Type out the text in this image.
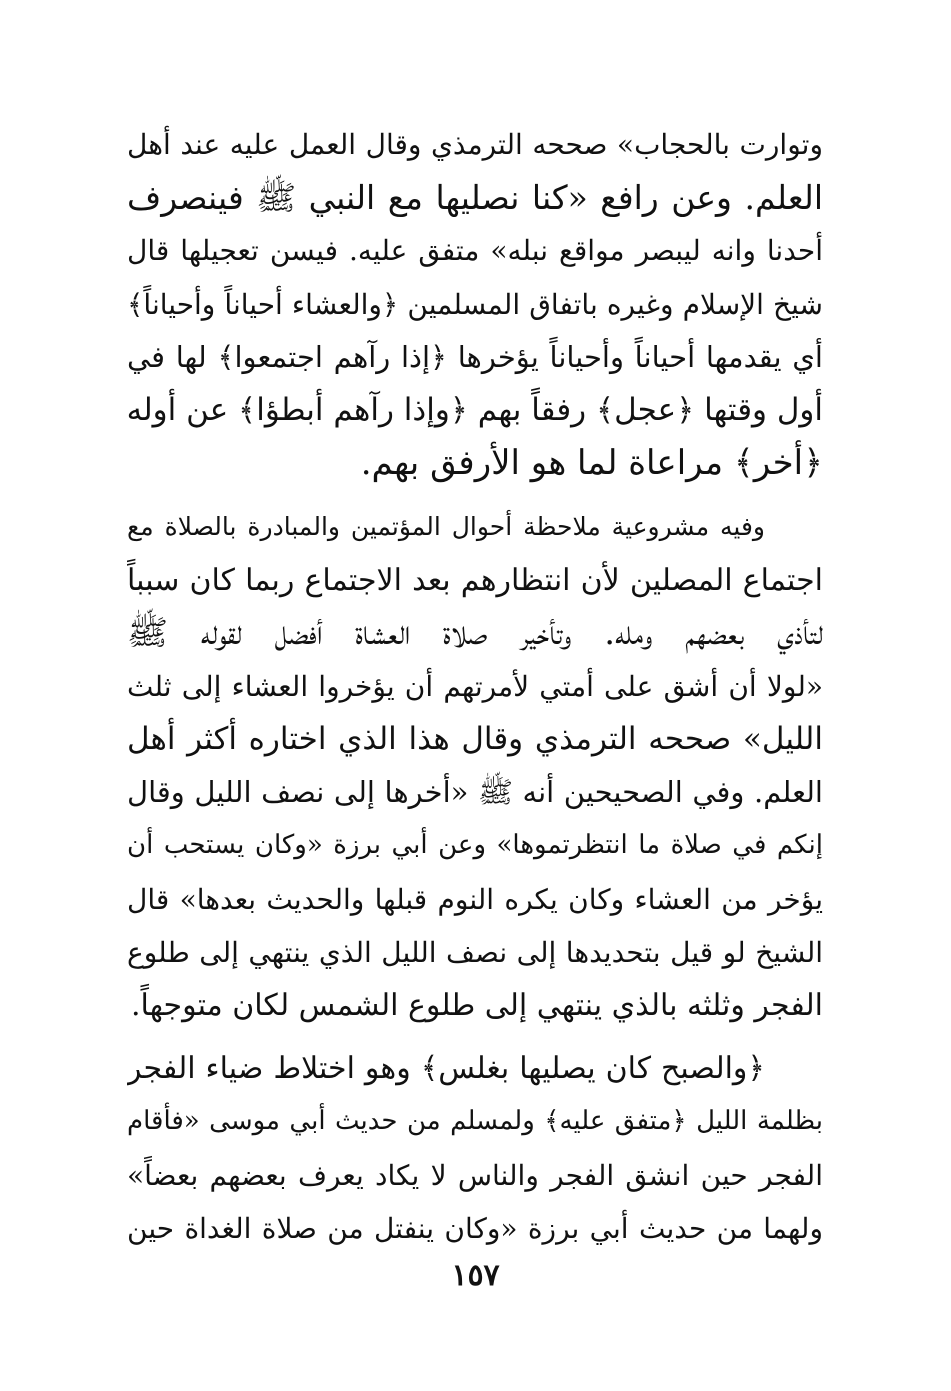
وتوارت بالحجاب» صححه الترمذي وقال العمل عليه عند أهل
العلم. وعن رافع «كنا نصليها مع النبي ﷺ فينصرف
أحدنا وانه ليبصر مواقع نبله» متفق عليه. فيسن تعجيلها قال
شيخ الإسلام وغيره باتفاق المسلمين ﴿والعشاء أحياناً وأحياناً﴾
أي يقدمها أحياناً وأحياناً يؤخرها ﴿إذا رآهم اجتمعوا﴾ لها في
أول وقتها ﴿عجل﴾ رفقاً بهم ﴿وإذا رآهم أبطؤا﴾ عن أوله
﴿أخر﴾ مراعاة لما هو الأرفق بهم.
وفيه مشروعية ملاحظة أحوال المؤتمين والمبادرة بالصلاة مع
اجتماع المصلين لأن انتظارهم بعد الاجتماع ربما كان سبباً
لتأذي بعضهم ومله. وتأخير صلاة العشاة أفضل لقوله ﷺ
«لولا أن أشق على أمتي لأمرتهم أن يؤخروا العشاء إلى ثلث
الليل» صححه الترمذي وقال هذا الذي اختاره أكثر أهل
العلم. وفي الصحيحين أنه ﷺ «أخرها إلى نصف الليل وقال
إنكم في صلاة ما انتظرتموها» وعن أبي برزة «وكان يستحب أن
يؤخر من العشاء وكان يكره النوم قبلها والحديث بعدها» قال
الشيخ لو قيل بتحديدها إلى نصف الليل الذي ينتهي إلى طلوع
الفجر وثلثه بالذي ينتهي إلى طلوع الشمس لكان متوجهاً.
﴿والصبح كان يصليها بغلس﴾ وهو اختلاط ضياء الفجر
بظلمة الليل ﴿متفق عليه﴾ ولمسلم من حديث أبي موسى «فأقام
الفجر حين انشق الفجر والناس لا يكاد يعرف بعضهم بعضاً»
ولهما من حديث أبي برزة «وكان ينفتل من صلاة الغداة حين
١٥٧
